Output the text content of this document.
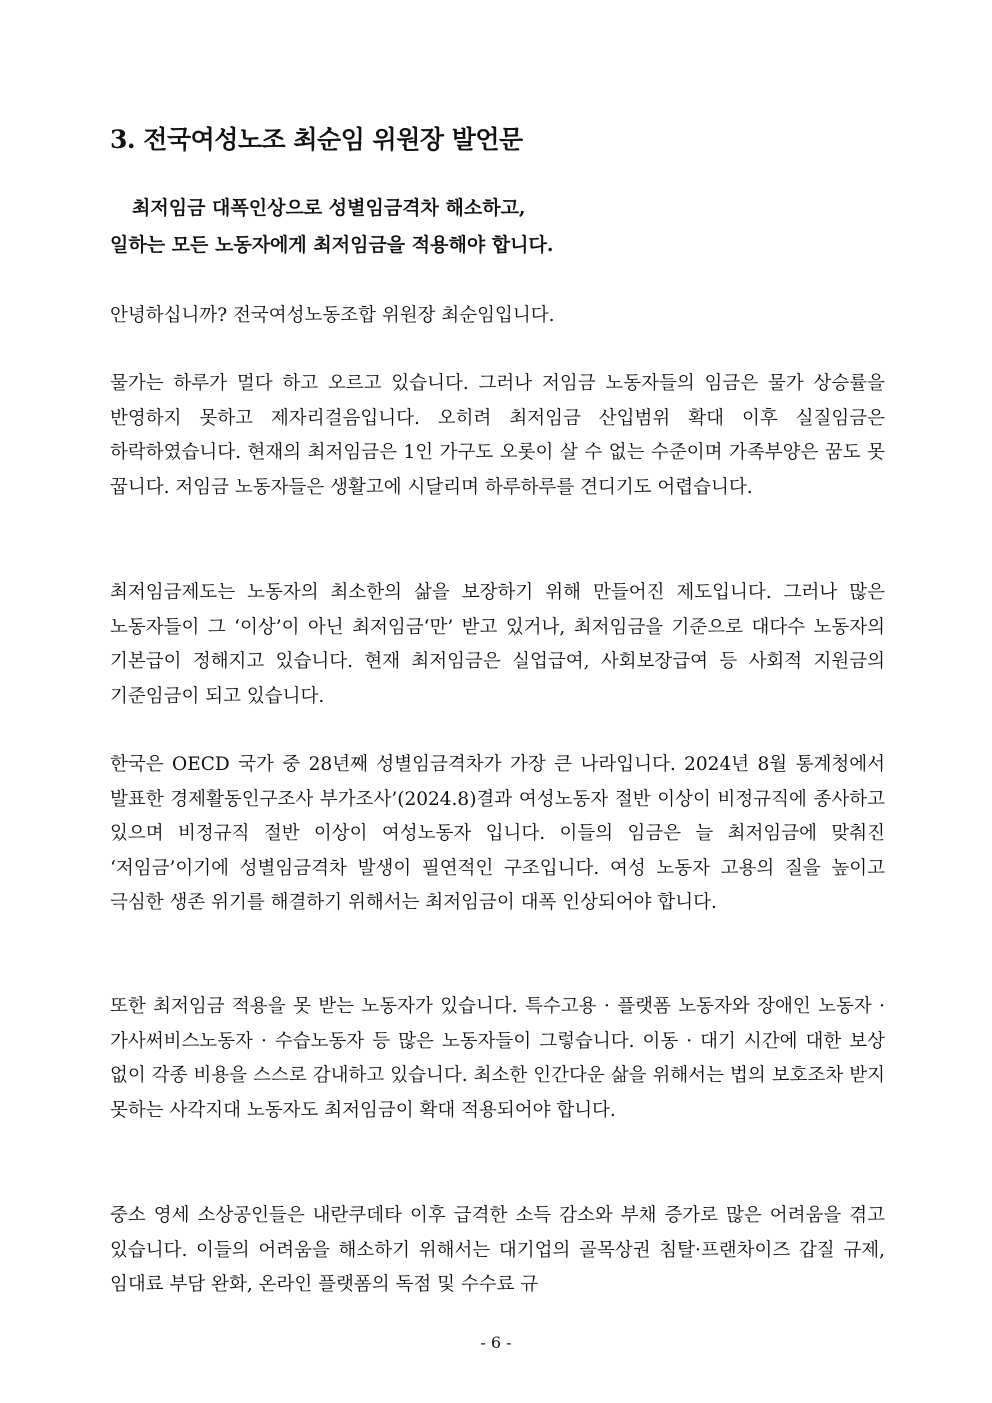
3. 전국여성노조 최순임 위원장 발언문
최저임금 대폭인상으로 성별임금격차 해소하고,
일하는 모든 노동자에게 최저임금을 적용해야 합니다.

안녕하십니까? 전국여성노동조합 위원장 최순임입니다.

물가는 하루가 멀다 하고 오르고 있습니다. 그러나 저임금 노동자들의 임금은 물가 상승률을 반영하지 못하고 제자리걸음입니다. 오히려 최저임금 산입범위 확대 이후 실질임금은 하락하였습니다. 현재의 최저임금은 1인 가구도 오롯이 살 수 없는 수준이며 가족부양은 꿈도 못 꿉니다. 저임금 노동자들은 생활고에 시달리며 하루하루를 견디기도 어렵습니다.

최저임금제도는 노동자의 최소한의 삶을 보장하기 위해 만들어진 제도입니다. 그러나 많은 노동자들이 그 ‘이상’이 아닌 최저임금‘만’ 받고 있거나, 최저임금을 기준으로 대다수 노동자의 기본급이 정해지고 있습니다. 현재 최저임금은 실업급여, 사회보장급여 등 사회적 지원금의 기준임금이 되고 있습니다.

한국은 OECD 국가 중 28년째 성별임금격차가 가장 큰 나라입니다. 2024년 8월 통계청에서 발표한 경제활동인구조사 부가조사’(2024.8)결과 여성노동자 절반 이상이 비정규직에 종사하고 있으며 비정규직 절반 이상이 여성노동자 입니다. 이들의 임금은 늘 최저임금에 맞춰진 ‘저임금’이기에 성별임금격차 발생이 필연적인 구조입니다. 여성 노동자 고용의 질을 높이고 극심한 생존 위기를 해결하기 위해서는 최저임금이 대폭 인상되어야 합니다.

또한 최저임금 적용을 못 받는 노동자가 있습니다. 특수고용 · 플랫폼 노동자와 장애인 노동자 · 가사써비스노동자 · 수습노동자 등 많은 노동자들이 그렇습니다. 이동 · 대기 시간에 대한 보상 없이 각종 비용을 스스로 감내하고 있습니다. 최소한 인간다운 삶을 위해서는 법의 보호조차 받지 못하는 사각지대 노동자도 최저임금이 확대 적용되어야 합니다.

중소 영세 소상공인들은 내란쿠데타 이후 급격한 소득 감소와 부채 증가로 많은 어려움을 겪고 있습니다. 이들의 어려움을 해소하기 위해서는 대기업의 골목상권 침탈·프랜차이즈 갑질 규제, 임대료 부담 완화, 온라인 플랫폼의 독점 및 수수료 규

- 6 -
